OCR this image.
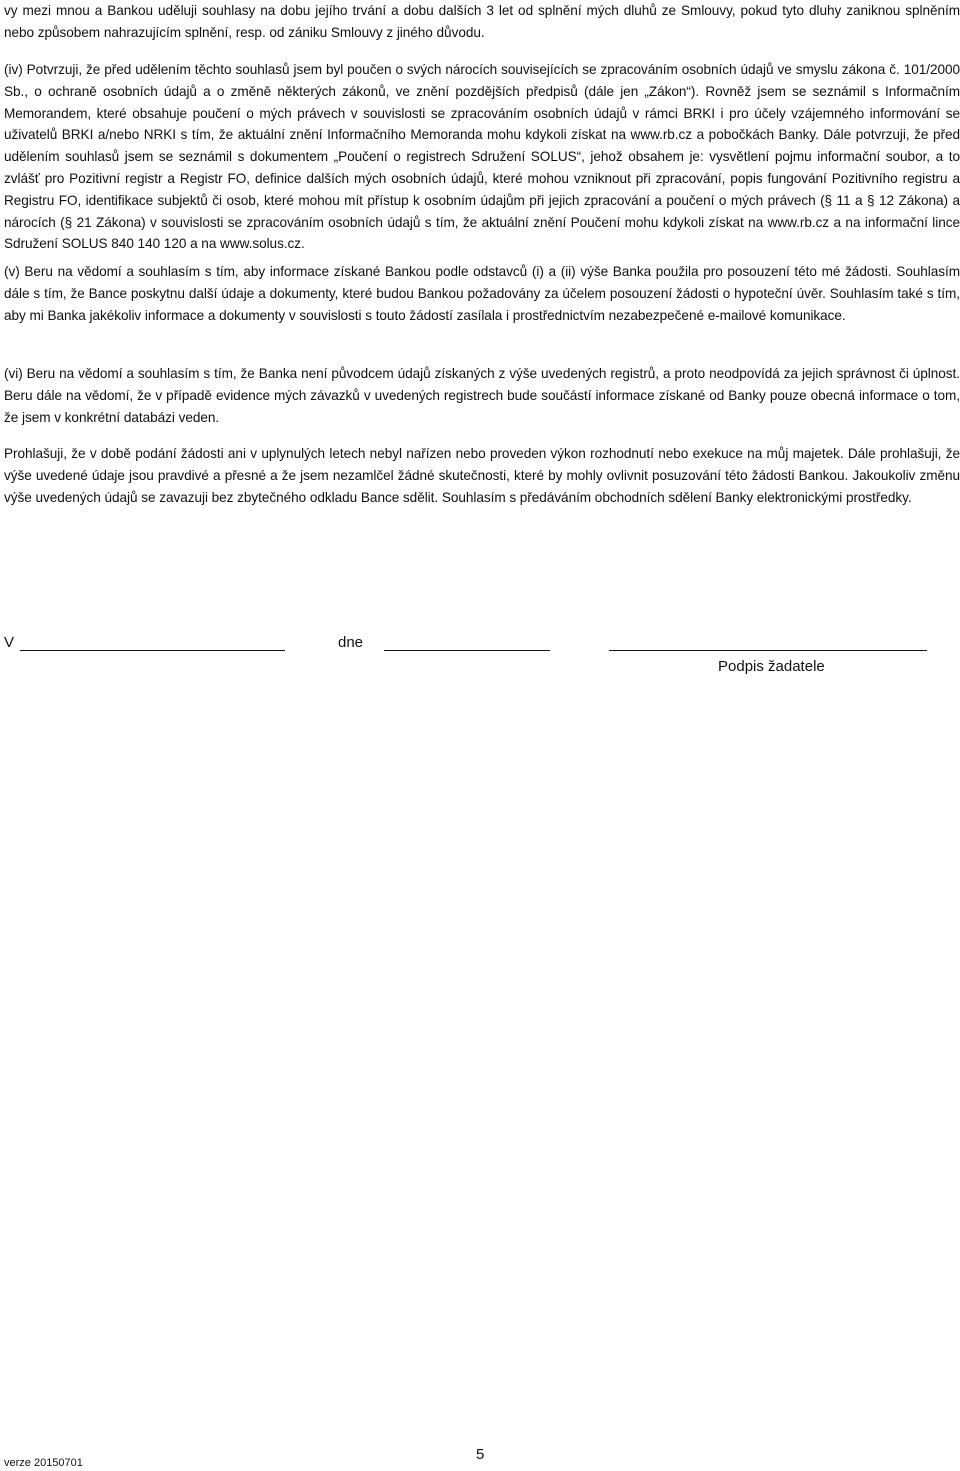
vy mezi mnou a Bankou uděluji souhlasy na dobu jejího trvání a dobu dalších 3 let od splnění mých dluhů ze Smlouvy, pokud tyto dluhy zaniknou splněním nebo způsobem nahrazujícím splnění, resp. od zániku Smlouvy z jiného důvodu.

(iv) Potvrzuji, že před udělením těchto souhlasů jsem byl poučen o svých nárocích souvisejících se zpracováním osobních údajů ve smyslu zákona č. 101/2000 Sb., o ochraně osobních údajů a o změně některých zákonů, ve znění pozdějších předpisů (dále jen „Zákon“). Rovněž jsem se seznámil s Informačním Memorandem, které obsahuje poučení o mých právech v souvislosti se zpracováním osobních údajů v rámci BRKI i pro účely vzájemného informování se uživatelů BRKI a/nebo NRKI s tím, že aktuální znění Informačního Memoranda mohu kdykoli získat na www.rb.cz a pobočkách Banky. Dále potvrzuji, že před udělením souhlasů jsem se seznámil s dokumentem „Poučení o registrech Sdružení SOLUS“, jehož obsahem je: vysvětlení pojmu informační soubor, a to zvlášť pro Pozitivní registr a Registr FO, definice dalších mých osobních údajů, které mohou vzniknout při zpracování, popis fungování Pozitivního registru a Registru FO, identifikace subjektů či osob, které mohou mít přístup k osobním údajům při jejich zpracování a poučení o mých právech (§ 11 a § 12 Zákona) a nárocích (§ 21 Zákona) v souvislosti se zpracováním osobních údajů s tím, že aktuální znění Poučení mohu kdykoli získat na www.rb.cz a na informační lince Sdružení SOLUS 840 140 120 a na www.solus.cz.

(v) Beru na vědomí a souhlasím s tím, aby informace získané Bankou podle odstavců (i) a (ii) výše Banka použila pro posouzení této mé žádosti. Souhlasím dále s tím, že Bance poskytnu další údaje a dokumenty, které budou Bankou požadovány za účelem posouzení žádosti o hypoteční úvěr. Souhlasím také s tím, aby mi Banka jakékoliv informace a dokumenty v souvislosti s touto žádostí zasílala i prostřednictvím nezabezpečené e-mailové komunikace.

(vi) Beru na vědomí a souhlasím s tím, že Banka není původcem údajů získaných z výše uvedených registrů, a proto neodpovídá za jejich správnost či úplnost. Beru dále na vědomí, že v případě evidence mých závazků v uvedených registrech bude součástí informace získané od Banky pouze obecná informace o tom, že jsem v konkrétní databázi veden.

Prohlašuji, že v době podání žádosti ani v uplynulých letech nebyl nařízen nebo proveden výkon rozhodnutí nebo exekuce na můj majetek. Dále prohlašuji, že výše uvedené údaje jsou pravdivé a přesné a že jsem nezamlčel žádné skutečnosti, které by mohly ovlivnit posuzování této žádosti Bankou. Jakoukoliv změnu výše uvedených údajů se zavazuji bez zbytečného odkladu Bance sdělit. Souhlasím s předáváním obchodních sdělení Banky elektronickými prostředky.

V	dne
Podpis žadatele
5
verze 20150701
